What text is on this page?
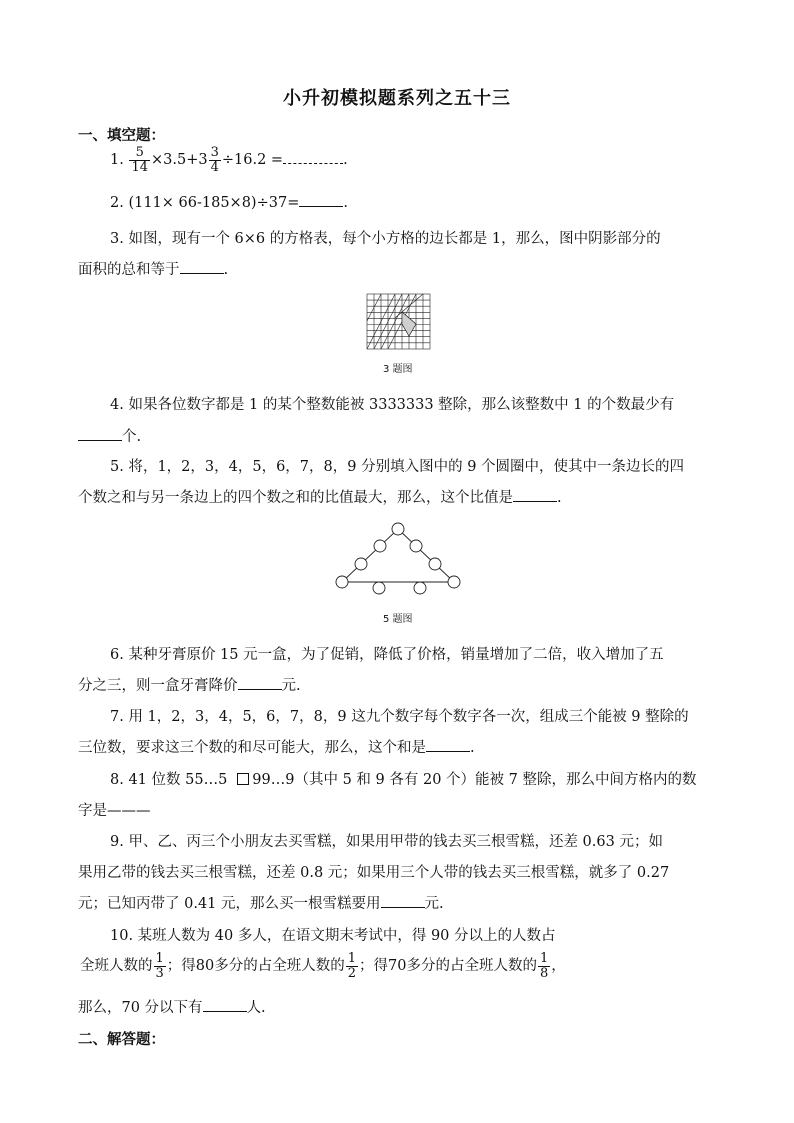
小升初模拟题系列之五十三
一、填空题：
1. $\frac{5}{14} \times 3.5+3 \frac{3}{4} \div 16.2$ =	.
2. (111× 66-185×8)÷37=	.
3. 如图，现有一个 6×6 的方格表，每个小方格的边长都是 1，那么，图中阴影部分的
面积的总和等于	.
3 题图
4. 如果各位数字都是 1 的某个整数能被 3333333 整除，那么该整数中 1 的个数最少有
个.
5. 将，1，2，3，4，5，6，7，8，9 分别填入图中的 9 个圆圈中，使其中一条边长的四
个数之和与另一条边上的四个数之和的比值最大，那么，这个比值是	.
5 题图
6. 某种牙膏原价 15 元一盒，为了促销，降低了价格，销量增加了二倍，收入增加了五
分之三，则一盒牙膏降价	元.
7. 用 1，2，3，4，5，6，7，8，9 这九个数字每个数字各一次，组成三个能被 9 整除的
三位数，要求这三个数的和尽可能大，那么，这个和是	.
8. 41 位数 55…5 99…9（其中 5 和 9 各有 20 个）能被 7 整除，那么中间方格内的数
字是———
9. 甲、乙、丙三个小朋友去买雪糕，如果用甲带的钱去买三根雪糕，还差 0.63 元；如
果用乙带的钱去买三根雪糕，还差 0.8 元；如果用三个人带的钱去买三根雪糕，就多了 0.27
元；已知丙带了 0.41 元，那么买一根雪糕要用	元.
10. 某班人数为 40 多人，在语文期末考试中，得 90 分以上的人数占
全班人数的 $\frac{1}{3}$ ；得80多分的占全班人数的 $\frac{1}{2}$ ；得70多分的占全班人数的 $\frac{1}{8}$ ，
那么，70 分以下有	人.
二、解答题：
